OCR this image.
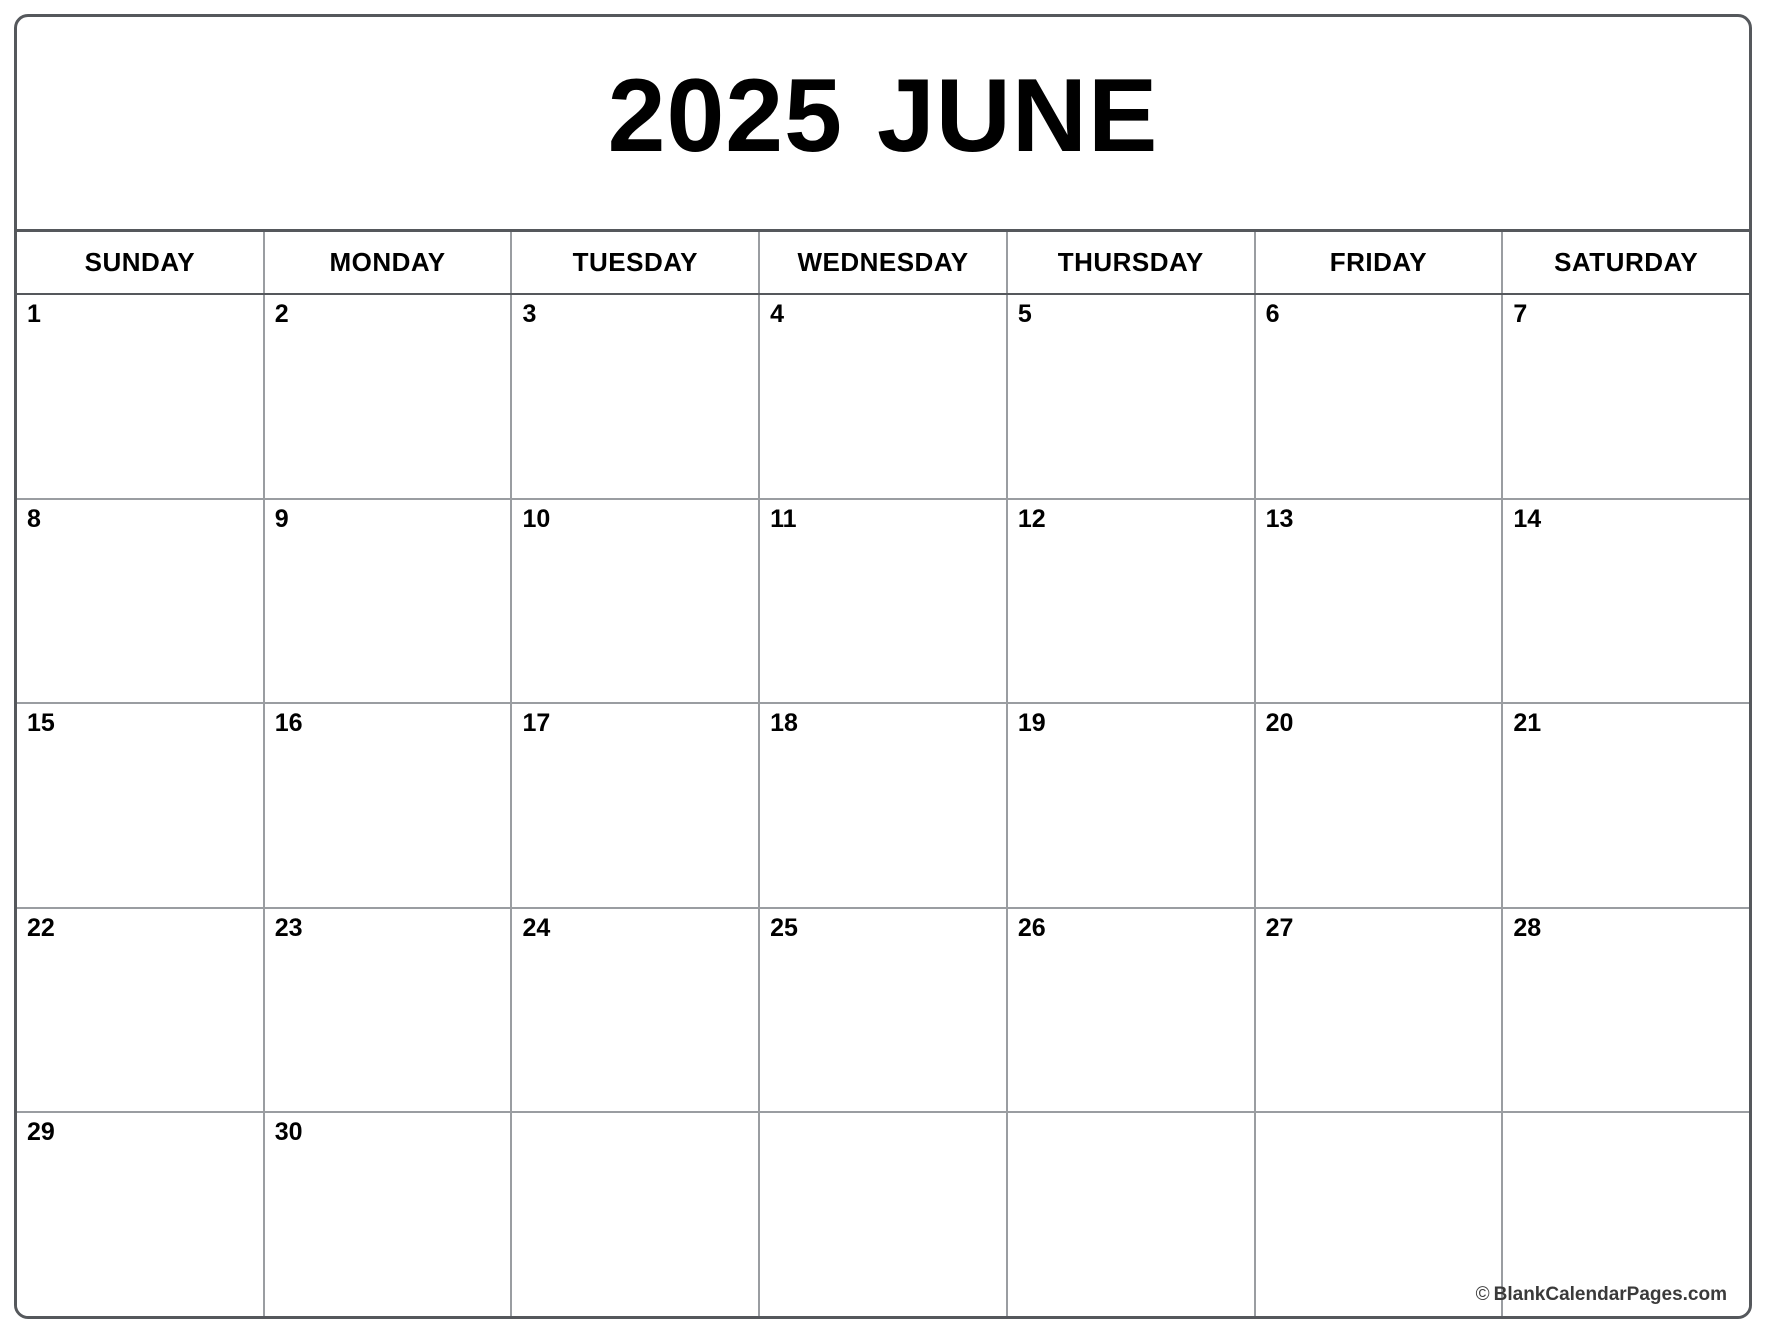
2025 JUNE
SUNDAY	MONDAY	TUESDAY	WEDNESDAY	THURSDAY	FRIDAY	SATURDAY
1	2	3	4	5	6	7
8	9	10	11	12	13	14
15	16	17	18	19	20	21
22	23	24	25	26	27	28
29	30
© BlankCalendarPages.com
